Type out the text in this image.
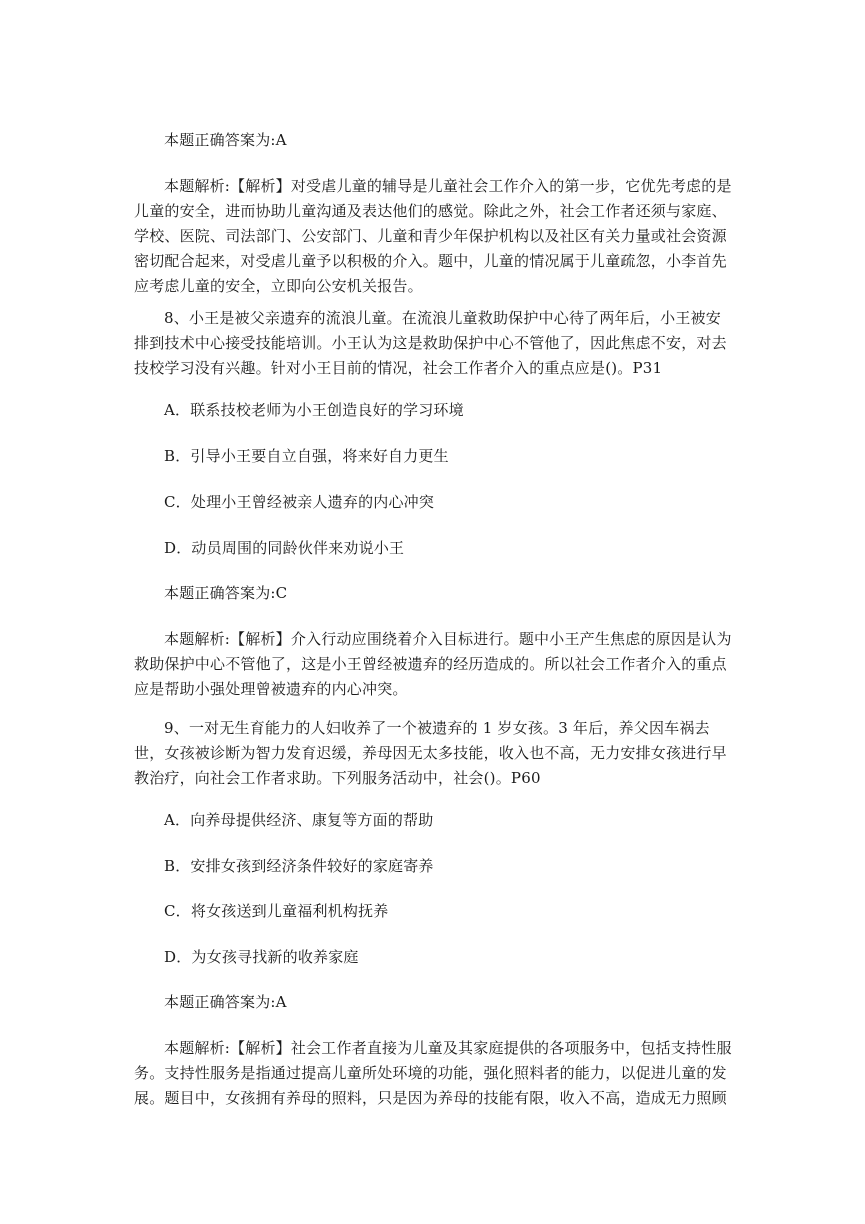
本题正确答案为:A
本题解析:【解析】对受虐儿童的辅导是儿童社会工作介入的第一步，它优先考虑的是儿童的安全，进而协助儿童沟通及表达他们的感觉。除此之外，社会工作者还须与家庭、学校、医院、司法部门、公安部门、儿童和青少年保护机构以及社区有关力量或社会资源密切配合起来，对受虐儿童予以积极的介入。题中，儿童的情况属于儿童疏忽，小李首先应考虑儿童的安全，立即向公安机关报告。
8、小王是被父亲遗弃的流浪儿童。在流浪儿童救助保护中心待了两年后，小王被安排到技术中心接受技能培训。小王认为这是救助保护中心不管他了，因此焦虑不安，对去技校学习没有兴趣。针对小王目前的情况，社会工作者介入的重点应是()。P31
A．联系技校老师为小王创造良好的学习环境
B．引导小王要自立自强，将来好自力更生
C．处理小王曾经被亲人遗弃的内心冲突
D．动员周围的同龄伙伴来劝说小王
本题正确答案为:C
本题解析:【解析】介入行动应围绕着介入目标进行。题中小王产生焦虑的原因是认为救助保护中心不管他了，这是小王曾经被遗弃的经历造成的。所以社会工作者介入的重点应是帮助小强处理曾被遗弃的内心冲突。
9、一对无生育能力的人妇收养了一个被遗弃的 1 岁女孩。3 年后，养父因车祸去世，女孩被诊断为智力发育迟缓，养母因无太多技能，收入也不高，无力安排女孩进行早教治疗，向社会工作者求助。下列服务活动中，社会()。P60
A．向养母提供经济、康复等方面的帮助
B．安排女孩到经济条件较好的家庭寄养
C．将女孩送到儿童福利机构抚养
D．为女孩寻找新的收养家庭
本题正确答案为:A
本题解析:【解析】社会工作者直接为儿童及其家庭提供的各项服务中，包括支持性服务。支持性服务是指通过提高儿童所处环境的功能，强化照料者的能力，以促进儿童的发展。题目中，女孩拥有养母的照料，只是因为养母的技能有限，收入不高，造成无力照顾
